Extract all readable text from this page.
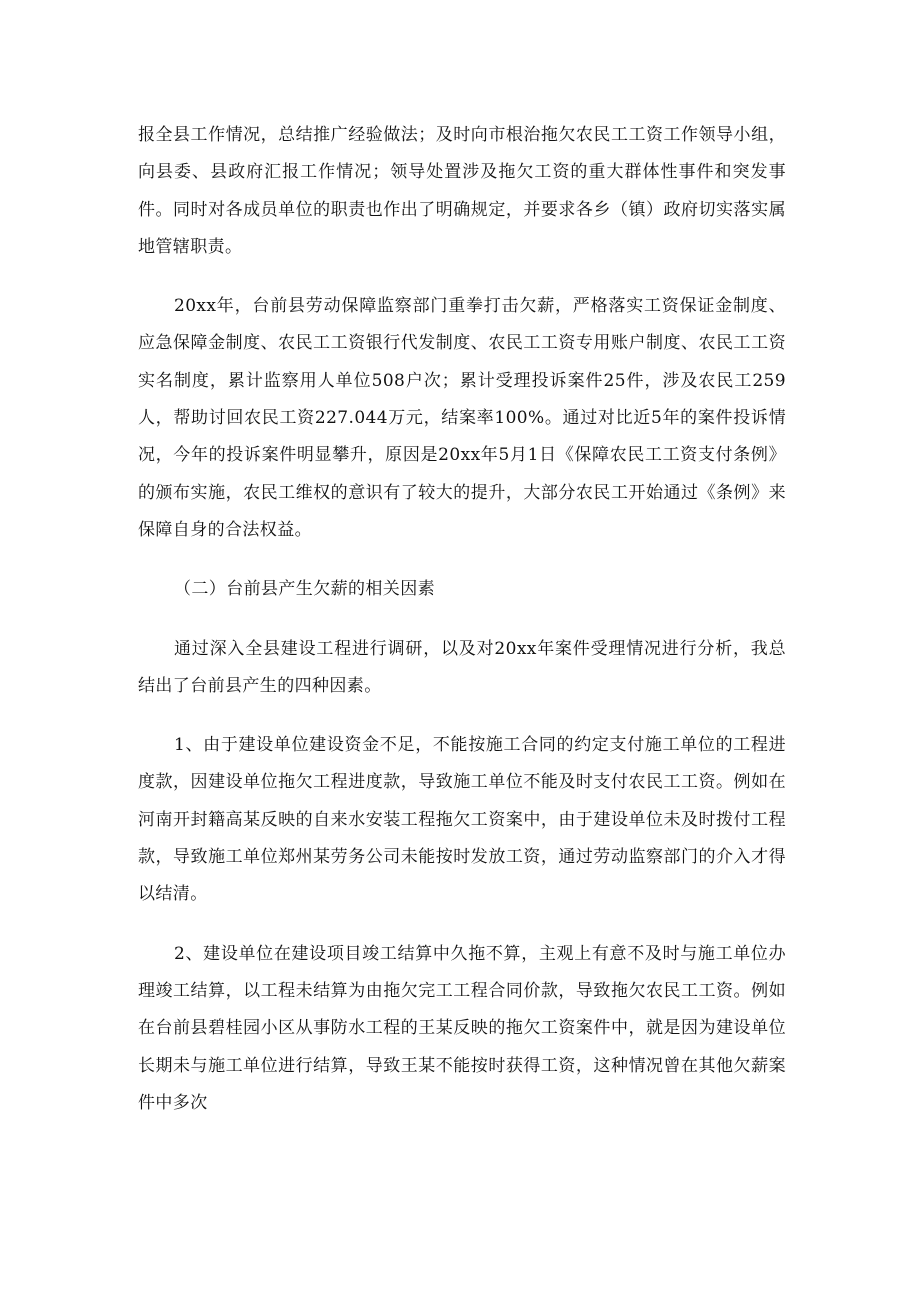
报全县工作情况，总结推广经验做法；及时向市根治拖欠农民工工资工作领导小组，向县委、县政府汇报工作情况；领导处置涉及拖欠工资的重大群体性事件和突发事件。同时对各成员单位的职责也作出了明确规定，并要求各乡（镇）政府切实落实属地管辖职责。

20xx年，台前县劳动保障监察部门重拳打击欠薪，严格落实工资保证金制度、应急保障金制度、农民工工资银行代发制度、农民工工资专用账户制度、农民工工资实名制度，累计监察用人单位508户次；累计受理投诉案件25件，涉及农民工259人，帮助讨回农民工资227.044万元，结案率100%。通过对比近5年的案件投诉情况，今年的投诉案件明显攀升，原因是20xx年5月1日《保障农民工工资支付条例》的颁布实施，农民工维权的意识有了较大的提升，大部分农民工开始通过《条例》来保障自身的合法权益。

（二）台前县产生欠薪的相关因素

通过深入全县建设工程进行调研，以及对20xx年案件受理情况进行分析，我总结出了台前县产生的四种因素。

1、由于建设单位建设资金不足，不能按施工合同的约定支付施工单位的工程进度款，因建设单位拖欠工程进度款，导致施工单位不能及时支付农民工工资。例如在河南开封籍高某反映的自来水安装工程拖欠工资案中，由于建设单位未及时拨付工程款，导致施工单位郑州某劳务公司未能按时发放工资，通过劳动监察部门的介入才得以结清。

2、建设单位在建设项目竣工结算中久拖不算，主观上有意不及时与施工单位办理竣工结算，以工程未结算为由拖欠完工工程合同价款，导致拖欠农民工工资。例如在台前县碧桂园小区从事防水工程的王某反映的拖欠工资案件中，就是因为建设单位长期未与施工单位进行结算，导致王某不能按时获得工资，这种情况曾在其他欠薪案件中多次
